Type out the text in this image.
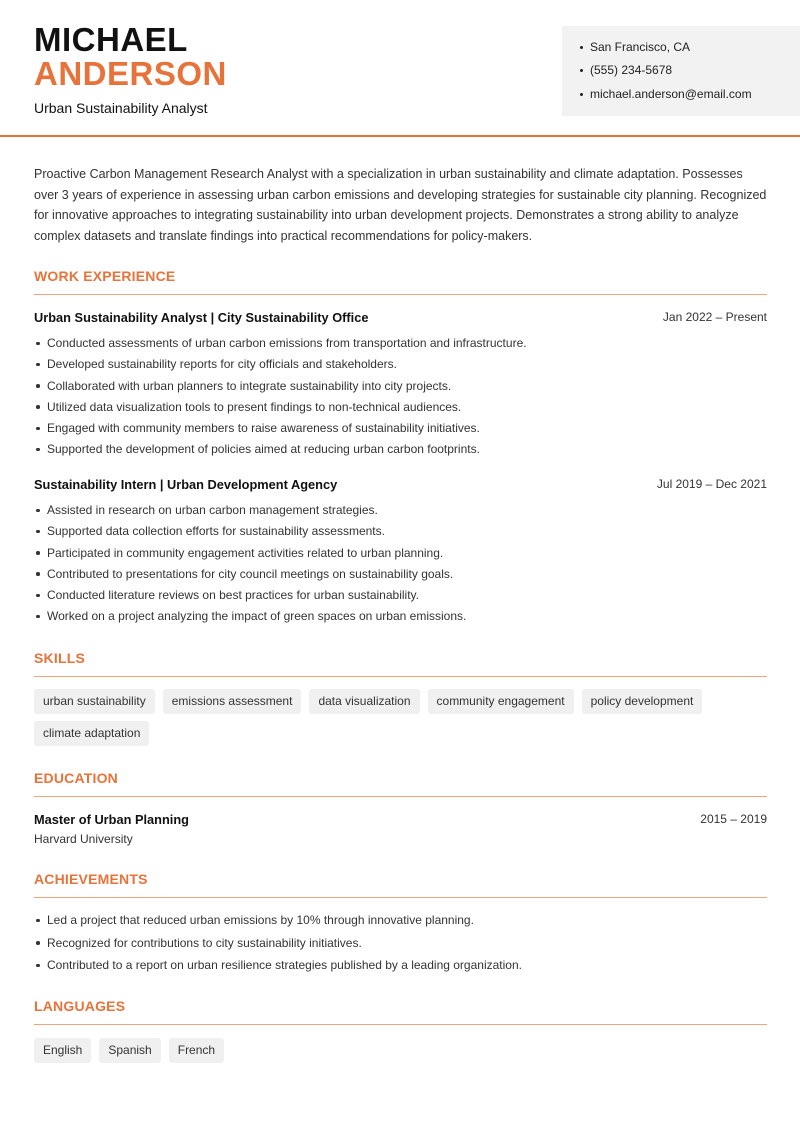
MICHAEL
ANDERSON
Urban Sustainability Analyst
San Francisco, CA
(555) 234-5678
michael.anderson@email.com

Proactive Carbon Management Research Analyst with a specialization in urban sustainability and climate adaptation. Possesses over 3 years of experience in assessing urban carbon emissions and developing strategies for sustainable city planning. Recognized for innovative approaches to integrating sustainability into urban development projects. Demonstrates a strong ability to analyze complex datasets and translate findings into practical recommendations for policy-makers.

WORK EXPERIENCE
Urban Sustainability Analyst | City Sustainability Office	Jan 2022 – Present
Conducted assessments of urban carbon emissions from transportation and infrastructure.
Developed sustainability reports for city officials and stakeholders.
Collaborated with urban planners to integrate sustainability into city projects.
Utilized data visualization tools to present findings to non-technical audiences.
Engaged with community members to raise awareness of sustainability initiatives.
Supported the development of policies aimed at reducing urban carbon footprints.
Sustainability Intern | Urban Development Agency	Jul 2019 – Dec 2021
Assisted in research on urban carbon management strategies.
Supported data collection efforts for sustainability assessments.
Participated in community engagement activities related to urban planning.
Contributed to presentations for city council meetings on sustainability goals.
Conducted literature reviews on best practices for urban sustainability.
Worked on a project analyzing the impact of green spaces on urban emissions.
SKILLS
urban sustainability	emissions assessment	data visualization	community engagement	policy development
climate adaptation
EDUCATION
Master of Urban Planning	2015 – 2019
Harvard University
ACHIEVEMENTS
Led a project that reduced urban emissions by 10% through innovative planning.
Recognized for contributions to city sustainability initiatives.
Contributed to a report on urban resilience strategies published by a leading organization.
LANGUAGES
English	Spanish	French
